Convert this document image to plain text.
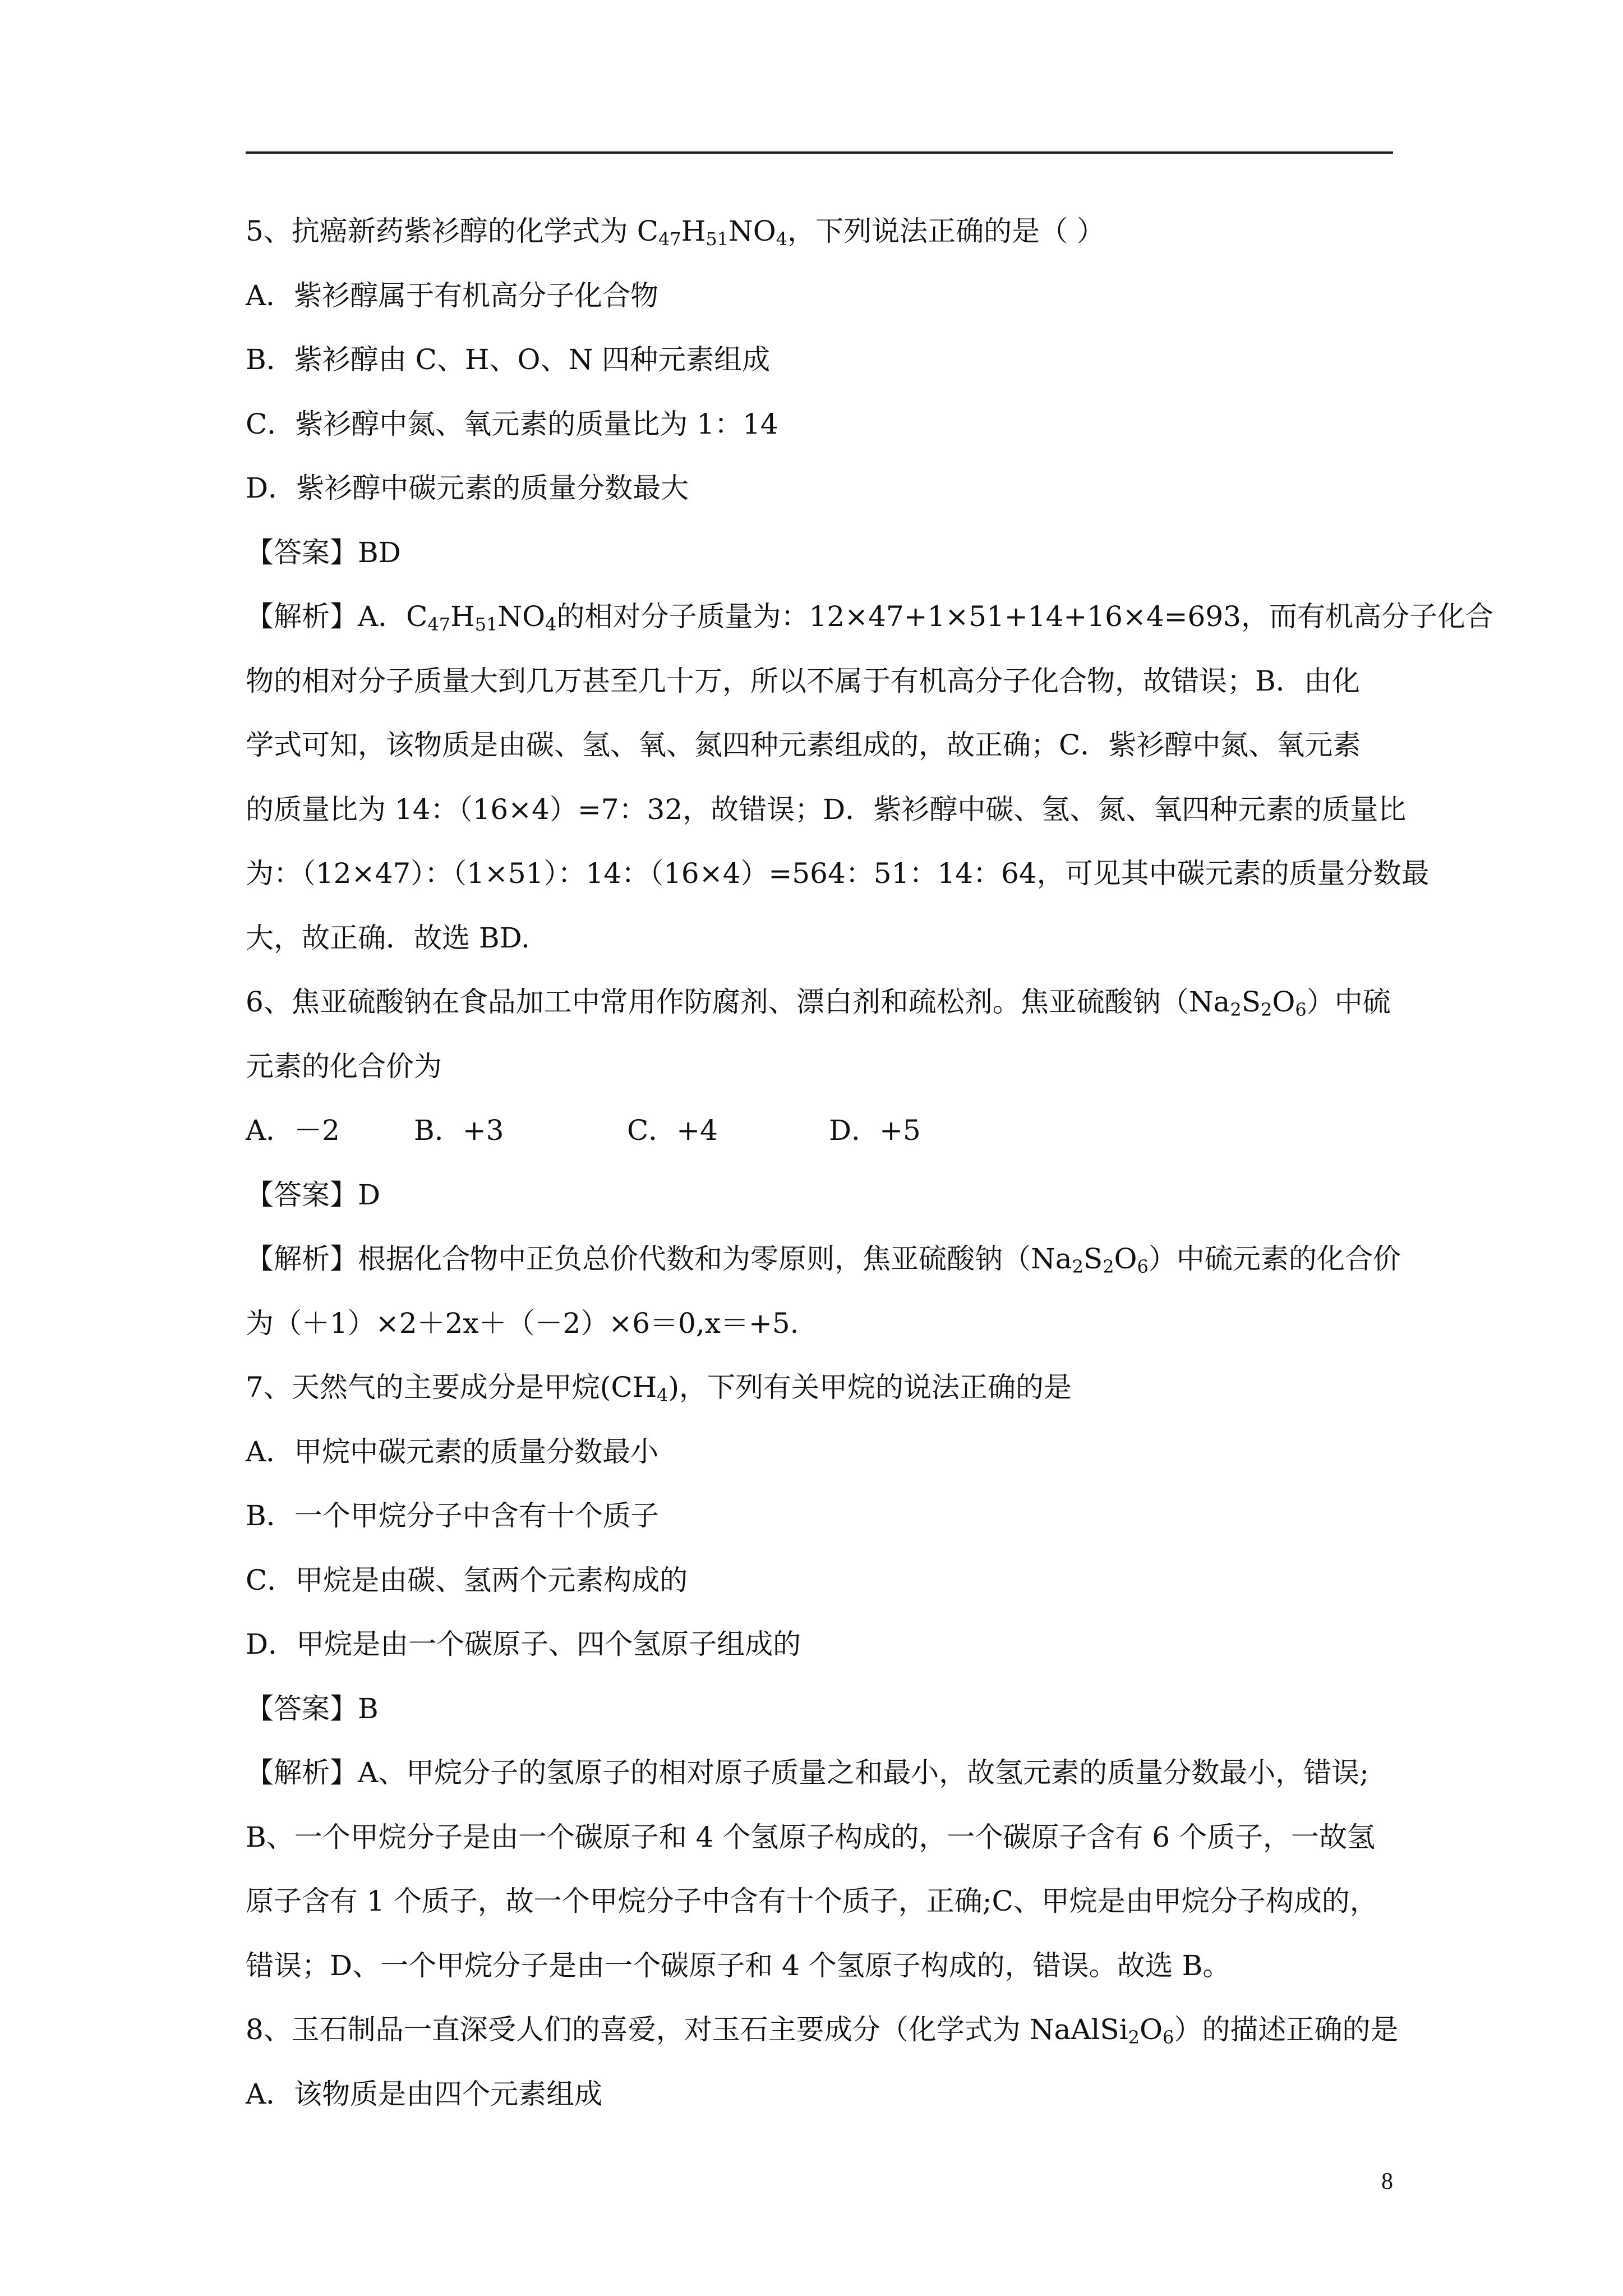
5、抗癌新药紫衫醇的化学式为 $C_{47}H_{51}NO_4$，下列说法正确的是（ ）
A．紫衫醇属于有机高分子化合物
B．紫衫醇由 C、H、O、N 四种元素组成
C．紫衫醇中氮、氧元素的质量比为 1：14
D．紫衫醇中碳元素的质量分数最大
【答案】BD
【解析】A．$C_{47}H_{51}NO_4$的相对分子质量为：12×47+1×51+14+16×4=693，而有机高分子化合
物的相对分子质量大到几万甚至几十万，所以不属于有机高分子化合物，故错误；B．由化
学式可知，该物质是由碳、氢、氧、氮四种元素组成的，故正确；C．紫衫醇中氮、氧元素
的质量比为 14：（16×4）=7：32，故错误；D．紫衫醇中碳、氢、氮、氧四种元素的质量比
为：（12×47）：（1×51）：14：（16×4）=564：51：14：64，可见其中碳元素的质量分数最
大，故正确．故选 BD.
6、焦亚硫酸钠在食品加工中常用作防腐剂、漂白剂和疏松剂。焦亚硫酸钠$(Na_2S_2O_6)$中硫
元素的化合价为
A．－2	B．+3	C．+4	D．+5
【答案】D
【解析】根据化合物中正负总价代数和为零原则，焦亚硫酸钠$(Na_2S_2O_6)$中硫元素的化合价
为（＋1）×2＋2x＋（－2）×6＝0,x＝+5.
7、天然气的主要成分是甲烷$(CH_4)$，下列有关甲烷的说法正确的是
A．甲烷中碳元素的质量分数最小
B．一个甲烷分子中含有十个质子
C．甲烷是由碳、氢两个元素构成的
D．甲烷是由一个碳原子、四个氢原子组成的
【答案】B
【解析】A、甲烷分子的氢原子的相对原子质量之和最小，故氢元素的质量分数最小，错误;
B、一个甲烷分子是由一个碳原子和 4 个氢原子构成的，一个碳原子含有 6 个质子，一故氢
原子含有 1 个质子，故一个甲烷分子中含有十个质子，正确;C、甲烷是由甲烷分子构成的，
错误；D、一个甲烷分子是由一个碳原子和 4 个氢原子构成的，错误。故选 B。
8、玉石制品一直深受人们的喜爱，对玉石主要成分（化学式为 $NaAlSi_2O_6$）的描述正确的是
A．该物质是由四个元素组成
8
